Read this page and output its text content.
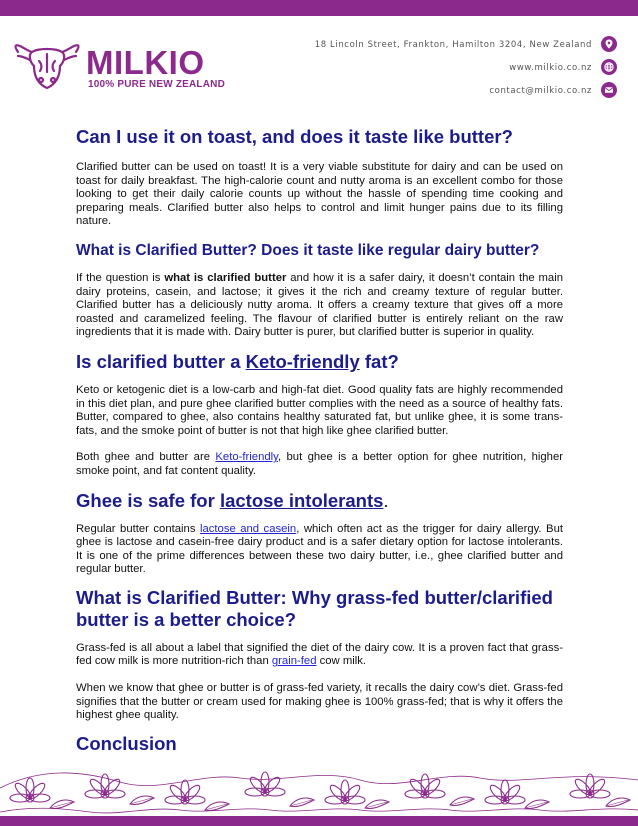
MILKIO
100% PURE NEW ZEALAND
18 Lincoln Street, Frankton, Hamilton 3204, New Zealand
www.milkio.co.nz
contact@milkio.co.nz
Can I use it on toast, and does it taste like butter?

Clarified butter can be used on toast! It is a very viable substitute for dairy and can be used on toast for daily breakfast. The high-calorie count and nutty aroma is an excellent combo for those looking to get their daily calorie counts up without the hassle of spending time cooking and preparing meals. Clarified butter also helps to control and limit hunger pains due to its filling nature.

What is Clarified Butter? Does it taste like regular dairy butter?

If the question is what is clarified butter and how it is a safer dairy, it doesn’t contain the main dairy proteins, casein, and lactose; it gives it the rich and creamy texture of regular butter. Clarified butter has a deliciously nutty aroma. It offers a creamy texture that gives off a more roasted and caramelized feeling. The flavour of clarified butter is entirely reliant on the raw ingredients that it is made with. Dairy butter is purer, but clarified butter is superior in quality.

Is clarified butter a Keto-friendly fat?

Keto or ketogenic diet is a low-carb and high-fat diet. Good quality fats are highly recommended in this diet plan, and pure ghee clarified butter complies with the need as a source of healthy fats. Butter, compared to ghee, also contains healthy saturated fat, but unlike ghee, it is some trans-fats, and the smoke point of butter is not that high like ghee clarified butter.

Both ghee and butter are Keto-friendly, but ghee is a better option for ghee nutrition, higher smoke point, and fat content quality.

Ghee is safe for lactose intolerants.

Regular butter contains lactose and casein, which often act as the trigger for dairy allergy. But ghee is lactose and casein-free dairy product and is a safer dietary option for lactose intolerants. It is one of the prime differences between these two dairy butter, i.e., ghee clarified butter and regular butter.

What is Clarified Butter: Why grass-fed butter/clarified butter is a better choice?

Grass-fed is all about a label that signified the diet of the dairy cow. It is a proven fact that grass-fed cow milk is more nutrition-rich than grain-fed cow milk.

When we know that ghee or butter is of grass-fed variety, it recalls the dairy cow’s diet. Grass-fed signifies that the butter or cream used for making ghee is 100% grass-fed; that is why it offers the highest ghee quality.

Conclusion
